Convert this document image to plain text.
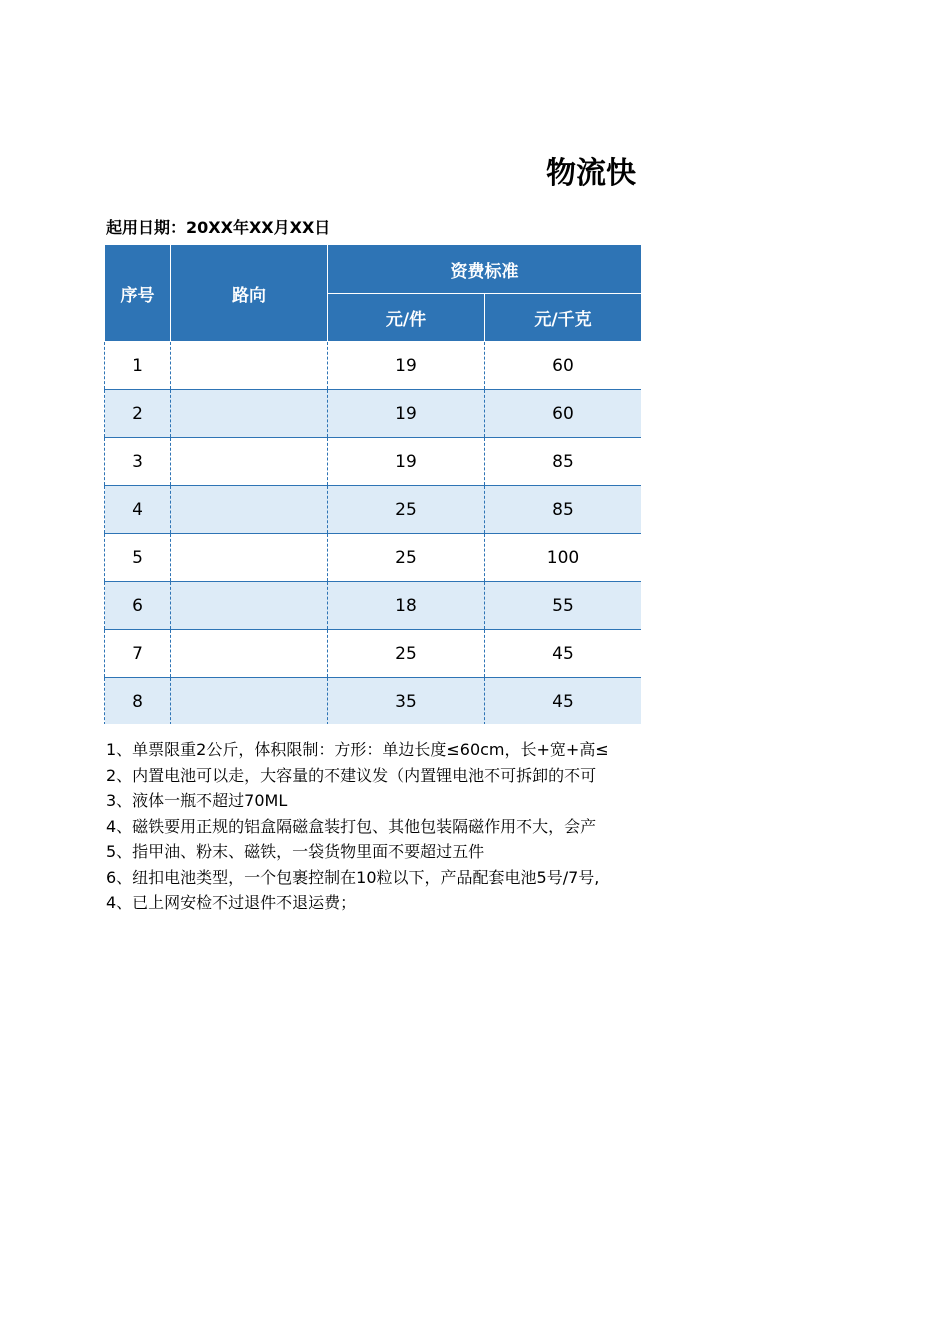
物流快
起用日期：20XX年XX月XX日
序号	路向	资费标准	
		元/件	元/千克
1		19	60
2		19	60
3		19	85
4		25	85
5		25	100
6		18	55
7		25	45
8		35	45
1、单票限重2公斤，体积限制：方形：单边长度≤60cm，长+宽+高≤
2、内置电池可以走，大容量的不建议发（内置锂电池不可拆卸的不可
3、液体一瓶不超过70ML
4、磁铁要用正规的铝盒隔磁盒装打包、其他包装隔磁作用不大，会产
5、指甲油、粉末、磁铁，一袋货物里面不要超过五件
6、纽扣电池类型，一个包裹控制在10粒以下，产品配套电池5号/7号,
4、已上网安检不过退件不退运费；
